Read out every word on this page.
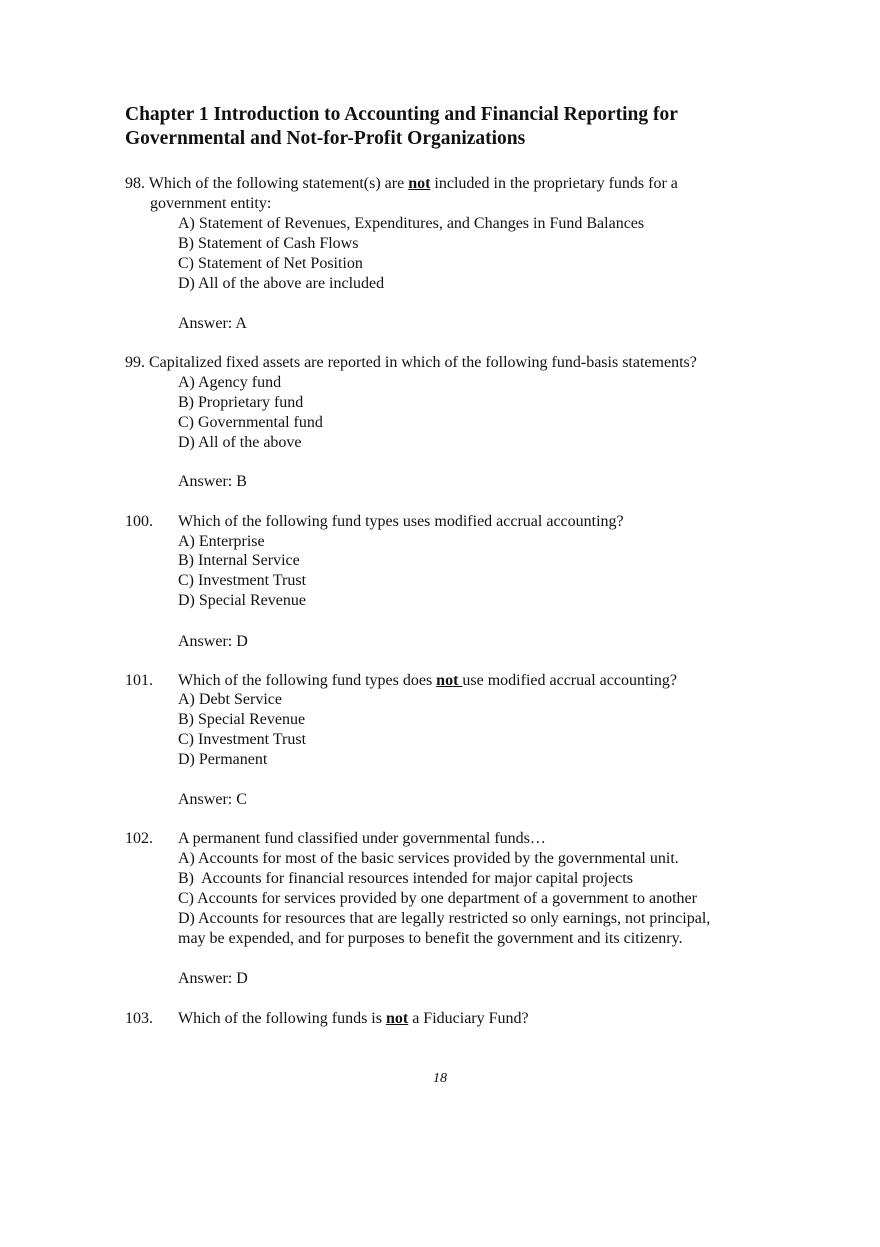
Chapter 1 Introduction to Accounting and Financial Reporting for
Governmental and Not-for-Profit Organizations
98. Which of the following statement(s) are not included in the proprietary funds for a
government entity:
A) Statement of Revenues, Expenditures, and Changes in Fund Balances
B) Statement of Cash Flows
C) Statement of Net Position
D) All of the above are included
Answer: A
99. Capitalized fixed assets are reported in which of the following fund-basis statements?
A) Agency fund
B) Proprietary fund
C) Governmental fund
D) All of the above
Answer: B
100. Which of the following fund types uses modified accrual accounting?
A) Enterprise
B) Internal Service
C) Investment Trust
D) Special Revenue
Answer: D
101. Which of the following fund types does not use modified accrual accounting?
A) Debt Service
B) Special Revenue
C) Investment Trust
D) Permanent
Answer: C
102. A permanent fund classified under governmental funds…
A) Accounts for most of the basic services provided by the governmental unit.
B)  Accounts for financial resources intended for major capital projects
C) Accounts for services provided by one department of a government to another
D) Accounts for resources that are legally restricted so only earnings, not principal,
may be expended, and for purposes to benefit the government and its citizenry.
Answer: D
103. Which of the following funds is not a Fiduciary Fund?
18
